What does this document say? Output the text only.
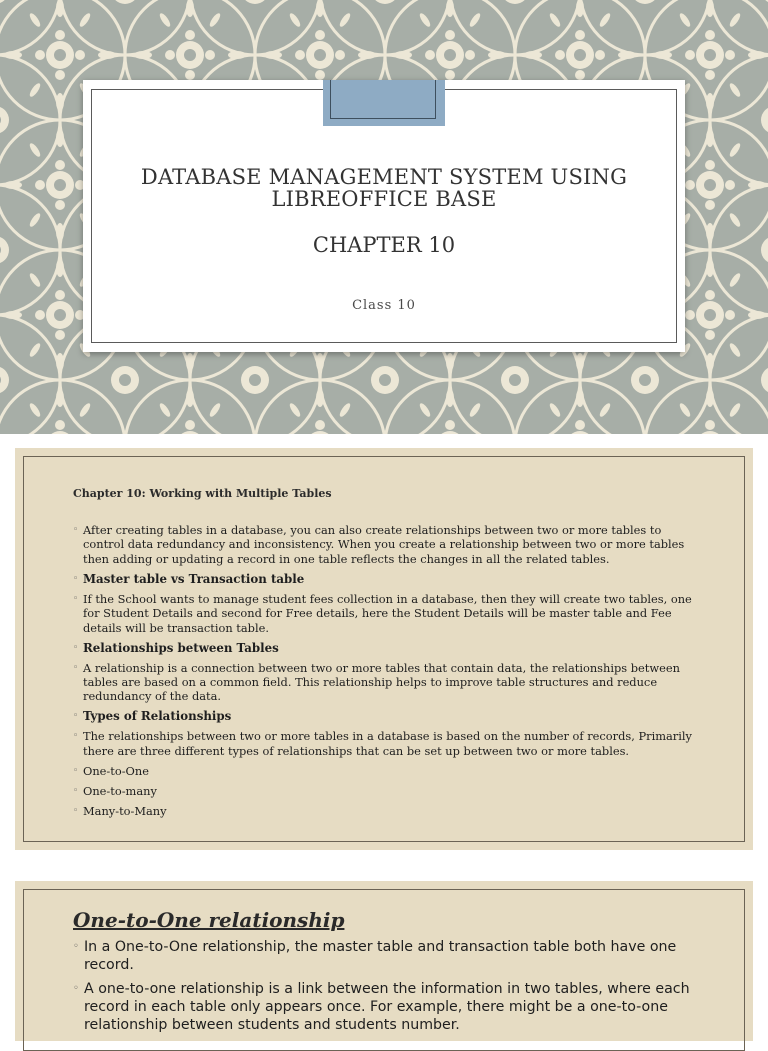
DATABASE MANAGEMENT SYSTEM USING
LIBREOFFICE BASE
CHAPTER 10
Class 10
Chapter 10: Working with Multiple Tables
◦ After creating tables in a database, you can also create relationships between two or more tables to control data redundancy and inconsistency. When you create a relationship between two or more tables then adding or updating a record in one table reflects the changes in all the related tables.
◦ Master table vs Transaction table
◦ If the School wants to manage student fees collection in a database, then they will create two tables, one for Student Details and second for Free details, here the Student Details will be master table and Fee details will be transaction table.
◦ Relationships between Tables
◦ A relationship is a connection between two or more tables that contain data, the relationships between tables are based on a common field. This relationship helps to improve table structures and reduce redundancy of the data.
◦ Types of Relationships
◦ The relationships between two or more tables in a database is based on the number of records, Primarily there are three different types of relationships that can be set up between two or more tables.
◦ One-to-One
◦ One-to-many
◦ Many-to-Many
One-to-One relationship
◦ In a One-to-One relationship, the master table and transaction table both have one record.
◦ A one-to-one relationship is a link between the information in two tables, where each record in each table only appears once. For example, there might be a one-to-one relationship between students and students number.
